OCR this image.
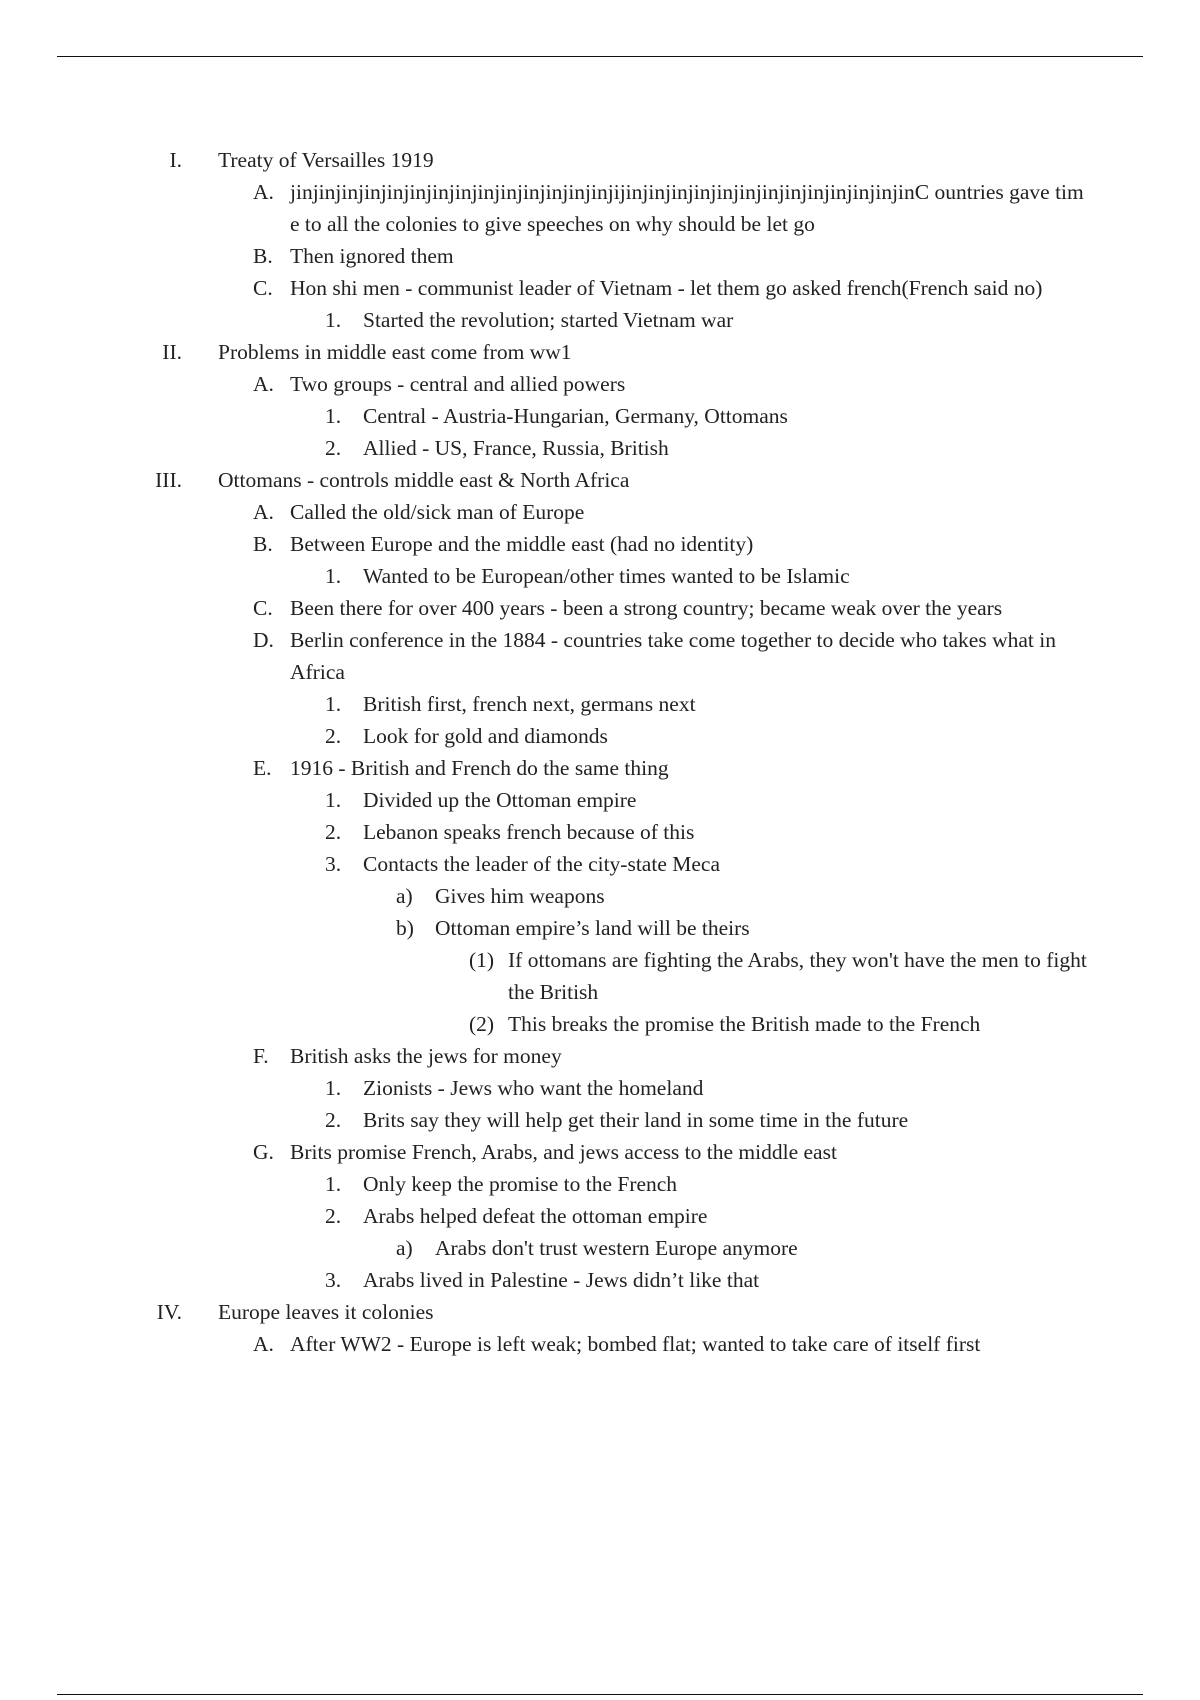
I. Treaty of Versailles 1919
A. jinjinjinjinjinjinjinjinjinjinjinjinjinjinjijinjinjinjinjinjinjinjinjinjinjinjinjinC ountries gave time to all the colonies to give speeches on why should be let go
B. Then ignored them
C. Hon shi men - communist leader of Vietnam - let them go asked french(French said no)
1. Started the revolution; started Vietnam war
II. Problems in middle east come from ww1
A. Two groups - central and allied powers
1. Central - Austria-Hungarian, Germany, Ottomans
2. Allied - US, France, Russia, British
III. Ottomans - controls middle east & North Africa
A. Called the old/sick man of Europe
B. Between Europe and the middle east (had no identity)
1. Wanted to be European/other times wanted to be Islamic
C. Been there for over 400 years - been a strong country; became weak over the years
D. Berlin conference in the 1884 - countries take come together to decide who takes what in Africa
1. British first, french next, germans next
2. Look for gold and diamonds
E. 1916 - British and French do the same thing
1. Divided up the Ottoman empire
2. Lebanon speaks french because of this
3. Contacts the leader of the city-state Meca
a) Gives him weapons
b) Ottoman empire’s land will be theirs
(1) If ottomans are fighting the Arabs, they won't have the men to fight the British
(2) This breaks the promise the British made to the French
F. British asks the jews for money
1. Zionists - Jews who want the homeland
2. Brits say they will help get their land in some time in the future
G. Brits promise French, Arabs, and jews access to the middle east
1. Only keep the promise to the French
2. Arabs helped defeat the ottoman empire
a) Arabs don't trust western Europe anymore
3. Arabs lived in Palestine - Jews didn’t like that
IV. Europe leaves it colonies
A. After WW2 - Europe is left weak; bombed flat; wanted to take care of itself first
